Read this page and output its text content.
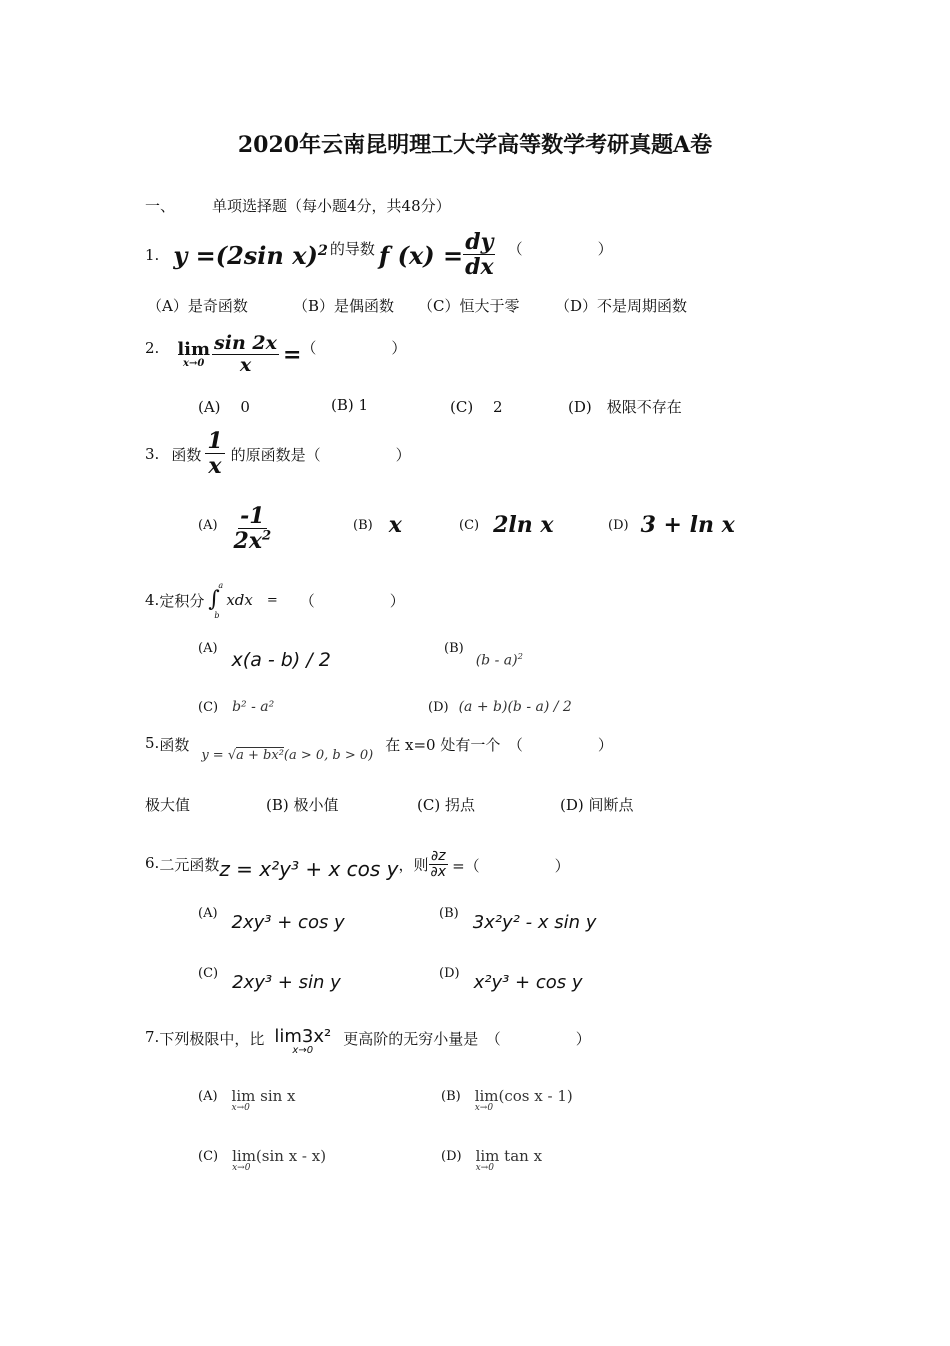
2020年云南昆明理工大学高等数学考研真题A卷
一、 单项选择题（每小题4分，共48分）
1. y =(2sin x)$^2$ 的导数 f $(x) = \frac{dy}{dx}$ （　　　　　）
（A）是奇函数	（B）是偶函数 （C）恒大于零 （D）不是周期函数
2. lim
$x\to 0 \frac{\sin 2x}{x}$ = （　　　　　）
(A)　 0	(B) 1	(C)　 2	(D)　 极限不存在
3. 函数 $\frac{1}{x}$ 的原函数是（　　　　　）
$(A) \frac{-1}{2x^2}$	(B) x	(C) 2ln x	(D) 3 + ln x
4. 定积分 ∫
a
b
xdx = （　　　　　）
(A)
x(a - b) / 2
(B)
(b - a)$^2$
(C) b² - a²	(D) (a + b)(b - a) / 2
5. 函数
y = √a + bx²(a > 0, b > 0)
在 x=0 处有一个　（　　　　　）
极大值	(B) 极小值	(C) 拐点	(D) 间断点
6. 二元函数 z = x²y³ + x cos y ，则 $\frac{\partial z}{\partial x}$ =（　　　　　）
(A) 2xy³ + cos y	(B) 3x²y² - x sin y
(C) 2xy³ + sin y	(D) x²y³ + cos y
7. 下列极限中，比 lim3x²
x→0
更高阶的无穷小量是　（　　　　　）
(A) lim sin x
x→0
(B) lim(cos x - 1)
x→0
(C) lim(sin x - x)
x→0
(D) lim tan x
x→0
